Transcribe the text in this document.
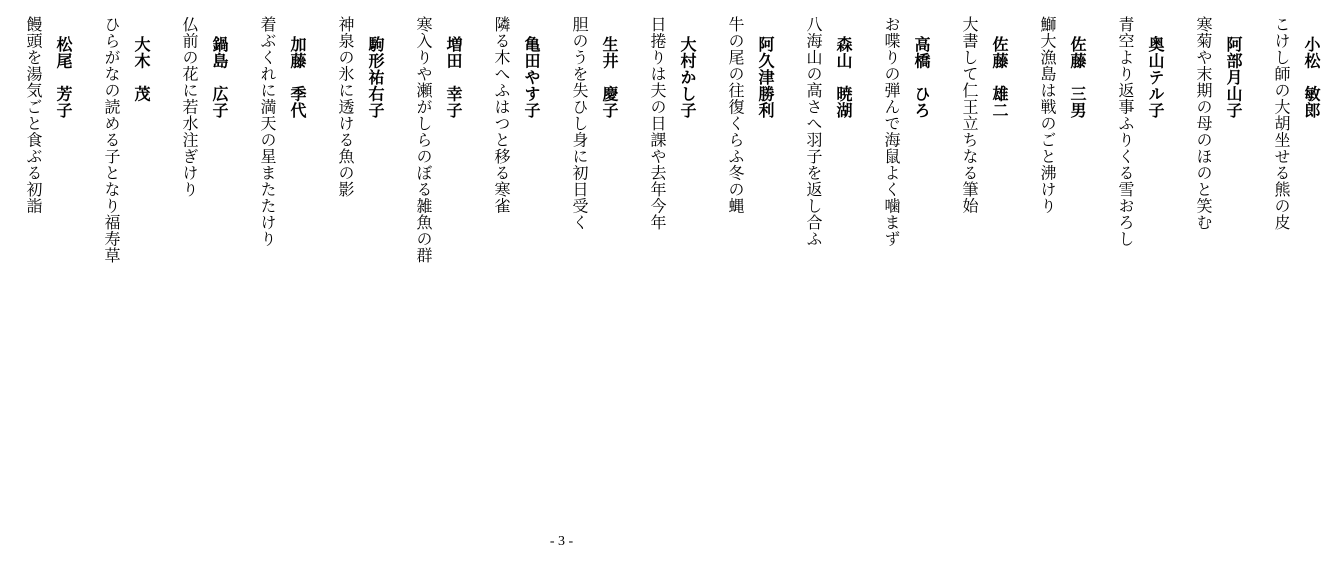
小松　敏郎
こけし師の大胡坐せる熊の皮
阿部月山子
寒菊や末期の母のほのと笑む
奥山テル子
青空より返事ふりくる雪おろし
佐藤　三男
鰤大漁島は戦のごと沸けり
佐藤　雄二
大書して仁王立ちなる筆始
高橋　ひろ
お喋りの弾んで海鼠よく噛まず
森山　暁湖
八海山の高さへ羽子を返し合ふ
阿久津勝利
牛の尾の往復くらふ冬の蝿
大村かし子
日捲りは夫の日課や去年今年
生井　慶子
胆のうを失ひし身に初日受く
亀田やす子
隣る木へふはつと移る寒雀
増田　幸子
寒入りや瀬がしらのぼる雑魚の群
駒形祐右子
神泉の氷に透ける魚の影
加藤　季代
着ぶくれに満天の星またたけり
鍋島　広子
仏前の花に若水注ぎけり
大木　茂
ひらがなの読める子となり福寿草
松尾　芳子
饅頭を湯気ごと食ぶる初詣
- 3 -
